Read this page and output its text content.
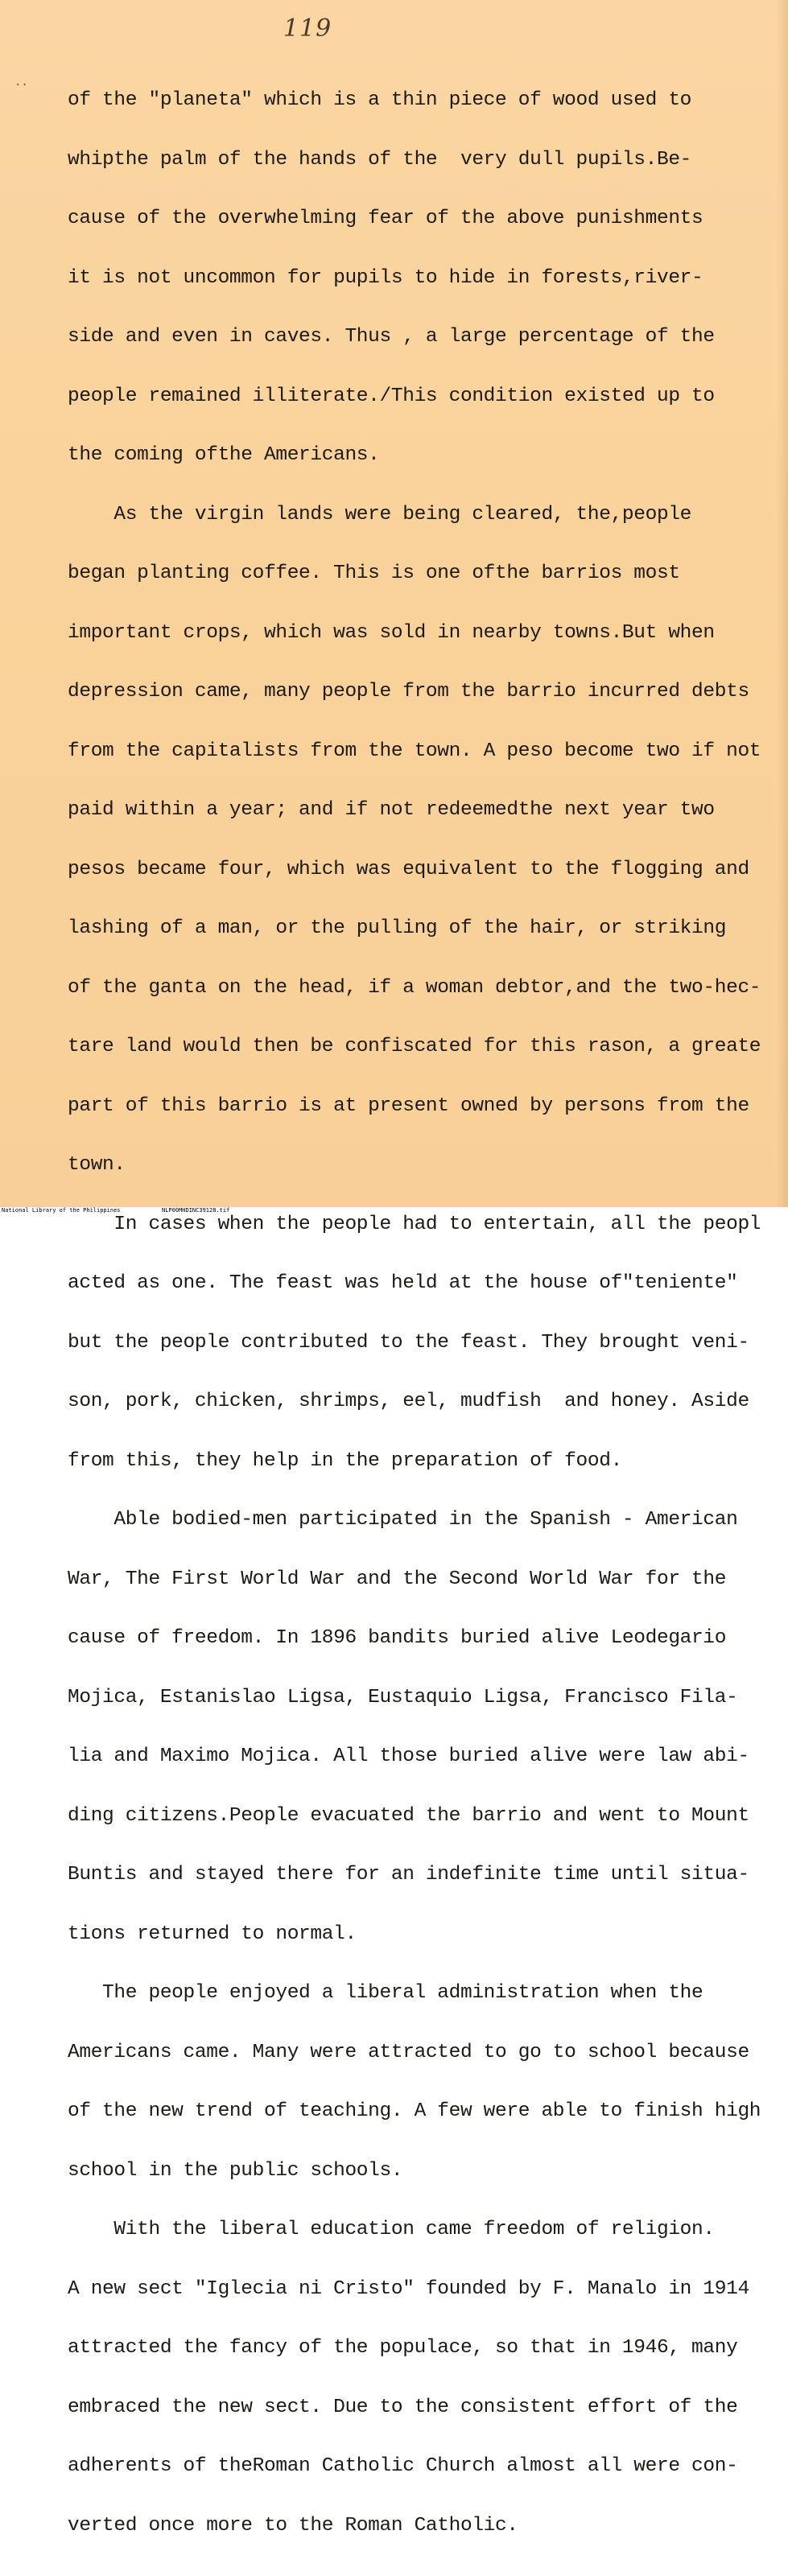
119
..

of the "planeta" which is a thin piece of wood used to

whipthe palm of the hands of the  very dull pupils.Be-

cause of the overwhelming fear of the above punishments

it is not uncommon for pupils to hide in forests,river-

side and even in caves. Thus , a large percentage of the

people remained illiterate./This condition existed up to

the coming ofthe Americans.

As the virgin lands were being cleared, the,people

began planting coffee. This is one ofthe barrios most

important crops, which was sold in nearby towns.But when

depression came, many people from the barrio incurred debts

from the capitalists from the town. A peso become two if not

paid within a year; and if not redeemedthe next year two

pesos became four, which was equivalent to the flogging and

lashing of a man, or the pulling of the hair, or striking

of the ganta on the head, if a woman debtor,and the two-hec-

tare land would then be confiscated for this rason, a greate

part of this barrio is at present owned by persons from the

town.

In cases when the people had to entertain, all the peopl

acted as one. The feast was held at the house of"teniente"

but the people contributed to the feast. They brought veni-

son, pork, chicken, shrimps, eel, mudfish  and honey. Aside

from this, they help in the preparation of food.

Able bodied-men participated in the Spanish - American

War, The First World War and the Second World War for the

cause of freedom. In 1896 bandits buried alive Leodegario

Mojica, Estanislao Ligsa, Eustaquio Ligsa, Francisco Fila-

lia and Maximo Mojica. All those buried alive were law abi-

ding citizens.People evacuated the barrio and went to Mount

Buntis and stayed there for an indefinite time until situa-

tions returned to normal.

The people enjoyed a liberal administration when the

Americans came. Many were attracted to go to school because

of the new trend of teaching. A few were able to finish high

school in the public schools.

With the liberal education came freedom of religion.

A new sect "Iglecia ni Cristo" founded by F. Manalo in 1914

attracted the fancy of the populace, so that in 1946, many

embraced the new sect. Due to the consistent effort of the

adherents of theRoman Catholic Church almost all were con-

verted once more to the Roman Catholic.

National Library of the Philippines

	NLP00MHDINC39128.tif
